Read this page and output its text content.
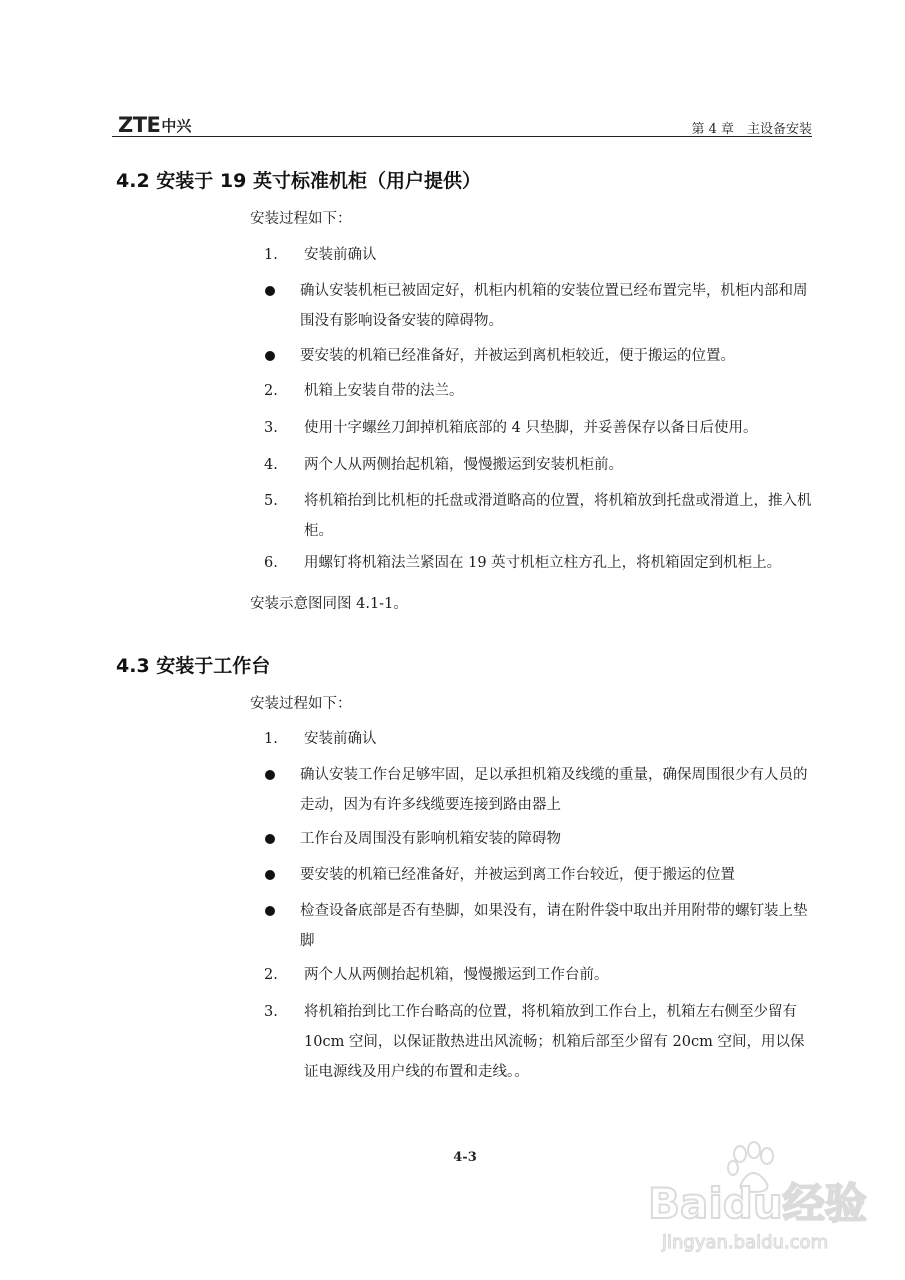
ZTE 中兴	第 4 章　主设备安装
4.2 安装于 19 英寸标准机柜（用户提供）
安装过程如下：
1.	安装前确认
确认安装机柜已被固定好，机柜内机箱的安装位置已经布置完毕，机柜内部和周围没有影响设备安装的障碍物。
要安装的机箱已经准备好，并被运到离机柜较近，便于搬运的位置。
2.	机箱上安装自带的法兰。
3.	使用十字螺丝刀卸掉机箱底部的 4 只垫脚，并妥善保存以备日后使用。
4.	两个人从两侧抬起机箱，慢慢搬运到安装机柜前。
5.	将机箱抬到比机柜的托盘或滑道略高的位置，将机箱放到托盘或滑道上，推入机柜。
6.	用螺钉将机箱法兰紧固在 19 英寸机柜立柱方孔上，将机箱固定到机柜上。
安装示意图同图 4.1-1。
4.3 安装于工作台
安装过程如下：
1.	安装前确认
确认安装工作台足够牢固，足以承担机箱及线缆的重量，确保周围很少有人员的走动，因为有许多线缆要连接到路由器上
工作台及周围没有影响机箱安装的障碍物
要安装的机箱已经准备好，并被运到离工作台较近，便于搬运的位置
检查设备底部是否有垫脚，如果没有，请在附件袋中取出并用附带的螺钉装上垫脚
2.	两个人从两侧抬起机箱，慢慢搬运到工作台前。
3.	将机箱抬到比工作台略高的位置，将机箱放到工作台上，机箱左右侧至少留有 10cm 空间，以保证散热进出风流畅；机箱后部至少留有 20cm 空间，用以保证电源线及用户线的布置和走线。。
4-3
Baidu经验
jingyan.baidu.com
